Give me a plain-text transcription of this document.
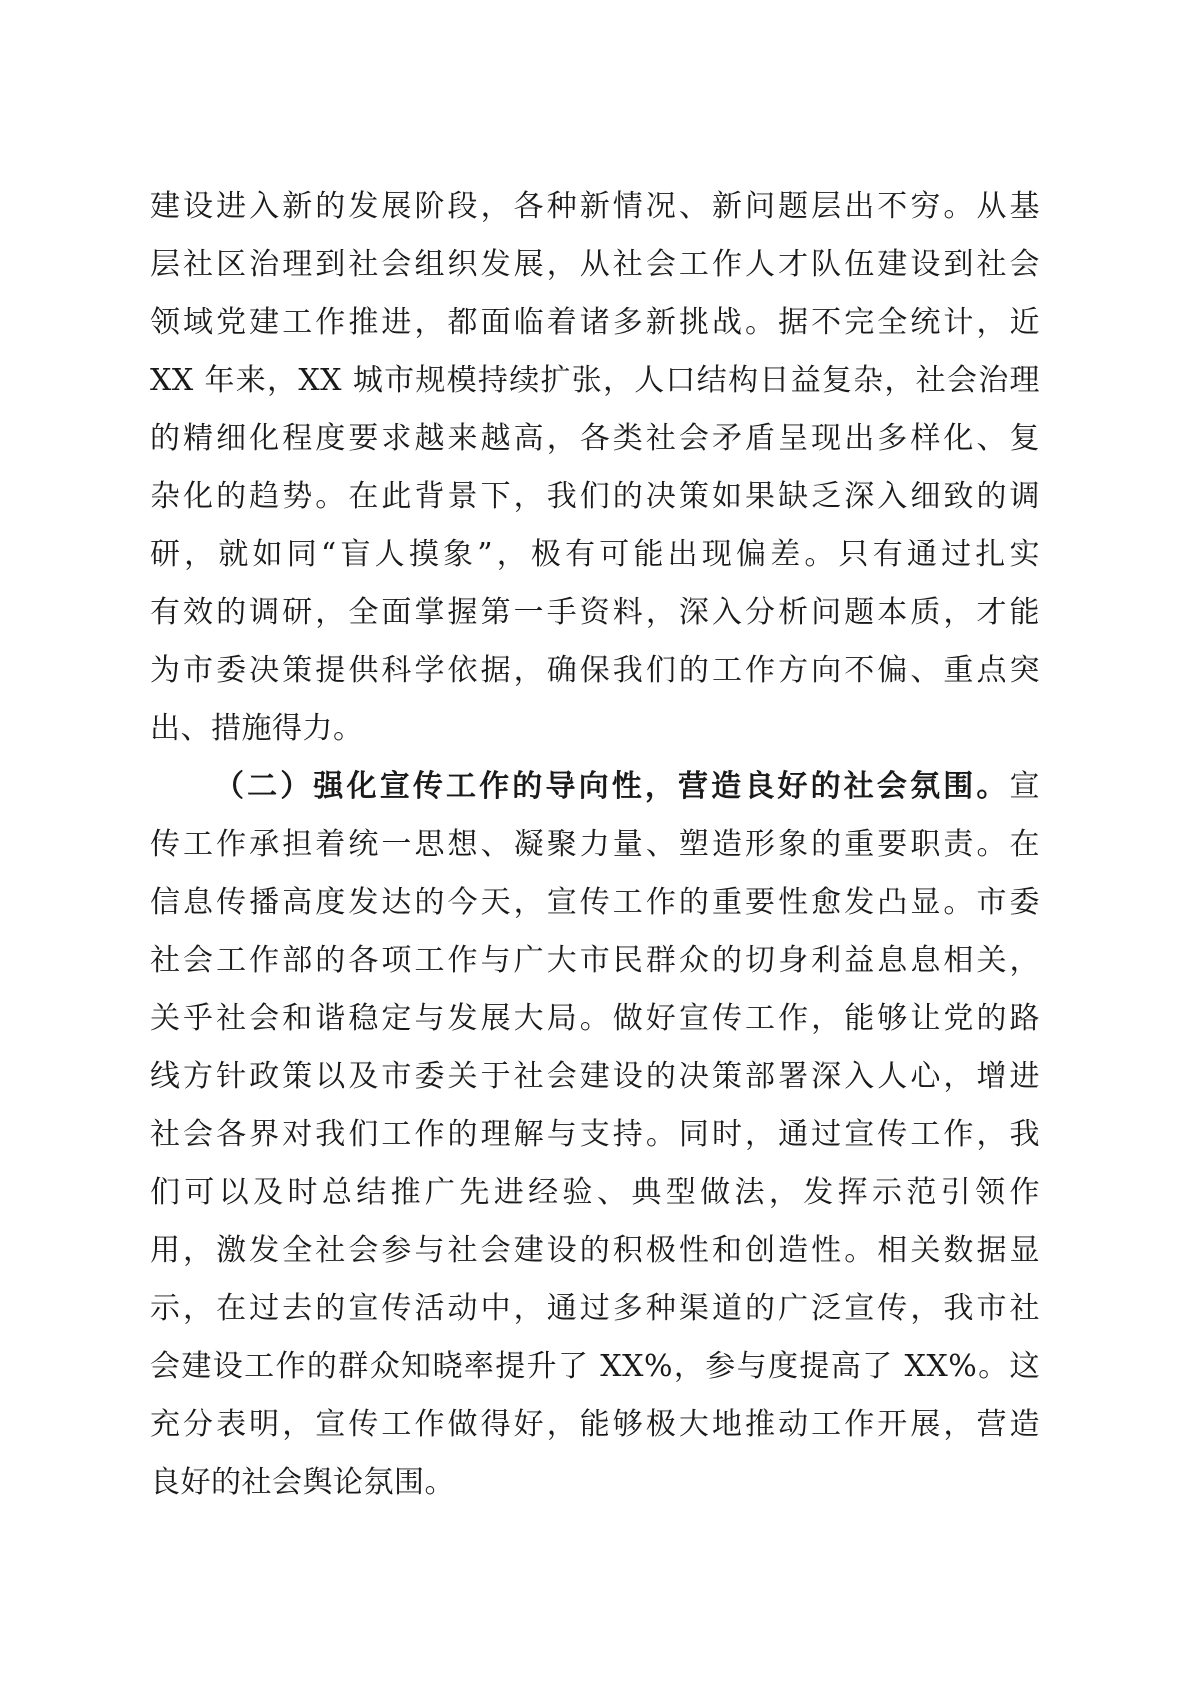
建设进入新的发展阶段，各种新情况、新问题层出不穷。从基
层社区治理到社会组织发展，从社会工作人才队伍建设到社会
领域党建工作推进，都面临着诸多新挑战。据不完全统计，近
XX 年来，XX 城市规模持续扩张，人口结构日益复杂，社会治理
的精细化程度要求越来越高，各类社会矛盾呈现出多样化、复
杂化的趋势。在此背景下，我们的决策如果缺乏深入细致的调
研，就如同“盲人摸象”，极有可能出现偏差。只有通过扎实
有效的调研，全面掌握第一手资料，深入分析问题本质，才能
为市委决策提供科学依据，确保我们的工作方向不偏、重点突
出、措施得力。
（二）强化宣传工作的导向性，营造良好的社会氛围。宣
传工作承担着统一思想、凝聚力量、塑造形象的重要职责。在
信息传播高度发达的今天，宣传工作的重要性愈发凸显。市委
社会工作部的各项工作与广大市民群众的切身利益息息相关，
关乎社会和谐稳定与发展大局。做好宣传工作，能够让党的路
线方针政策以及市委关于社会建设的决策部署深入人心，增进
社会各界对我们工作的理解与支持。同时，通过宣传工作，我
们可以及时总结推广先进经验、典型做法，发挥示范引领作
用，激发全社会参与社会建设的积极性和创造性。相关数据显
示，在过去的宣传活动中，通过多种渠道的广泛宣传，我市社
会建设工作的群众知晓率提升了 XX%，参与度提高了 XX%。这
充分表明，宣传工作做得好，能够极大地推动工作开展，营造
良好的社会舆论氛围。
